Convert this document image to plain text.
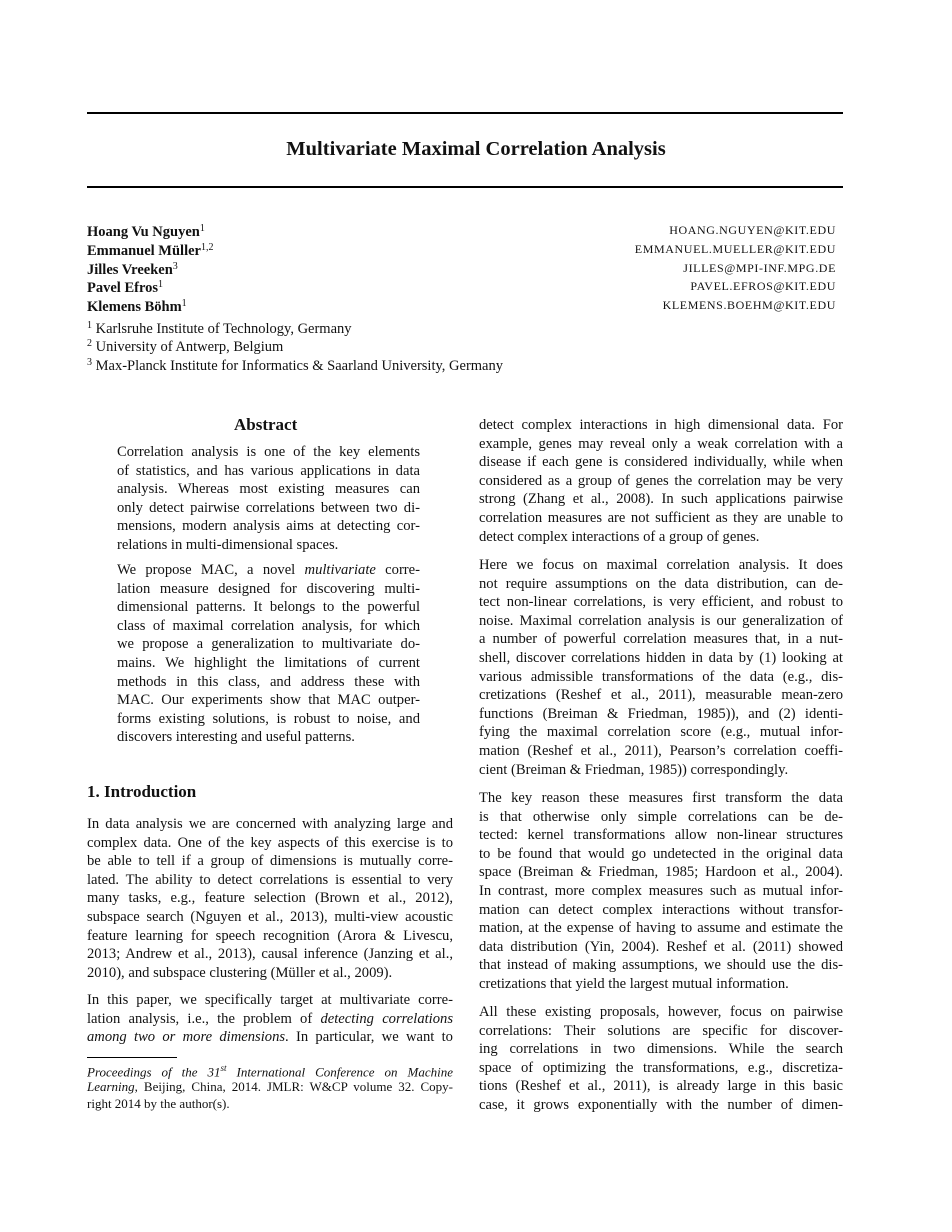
Multivariate Maximal Correlation Analysis
Hoang Vu Nguyen$^1$
Emmanuel Müller$^{1,2}$
Jilles Vreeken$^3$
Pavel Efros$^1$
Klemens Böhm$^1$
HOANG.NGUYEN@KIT.EDU
EMMANUEL.MUELLER@KIT.EDU
JILLES@MPI-INF.MPG.DE
PAVEL.EFROS@KIT.EDU
KLEMENS.BOEHM@KIT.EDU
$^1$ Karlsruhe Institute of Technology, Germany
$^2$ University of Antwerp, Belgium
$^3$ Max-Planck Institute for Informatics & Saarland University, Germany
Abstract
Correlation analysis is one of the key elements
of statistics, and has various applications in data
analysis. Whereas most existing measures can
only detect pairwise correlations between two di-
mensions, modern analysis aims at detecting cor-
relations in multi-dimensional spaces.
We propose MAC, a novel multivariate corre-
lation measure designed for discovering multi-
dimensional patterns. It belongs to the powerful
class of maximal correlation analysis, for which
we propose a generalization to multivariate do-
mains. We highlight the limitations of current
methods in this class, and address these with
MAC. Our experiments show that MAC outper-
forms existing solutions, is robust to noise, and
discovers interesting and useful patterns.
1. Introduction
In data analysis we are concerned with analyzing large and
complex data. One of the key aspects of this exercise is to
be able to tell if a group of dimensions is mutually corre-
lated. The ability to detect correlations is essential to very
many tasks, e.g., feature selection (Brown et al., 2012),
subspace search (Nguyen et al., 2013), multi-view acoustic
feature learning for speech recognition (Arora & Livescu,
2013; Andrew et al., 2013), causal inference (Janzing et al.,
2010), and subspace clustering (Müller et al., 2009).
In this paper, we specifically target at multivariate corre-
lation analysis, i.e., the problem of detecting correlations
among two or more dimensions. In particular, we want to
Proceedings of the 31st International Conference on Machine
Learning, Beijing, China, 2014. JMLR: W&CP volume 32. Copy-
right 2014 by the author(s).
detect complex interactions in high dimensional data. For
example, genes may reveal only a weak correlation with a
disease if each gene is considered individually, while when
considered as a group of genes the correlation may be very
strong (Zhang et al., 2008). In such applications pairwise
correlation measures are not sufficient as they are unable to
detect complex interactions of a group of genes.
Here we focus on maximal correlation analysis. It does
not require assumptions on the data distribution, can de-
tect non-linear correlations, is very efficient, and robust to
noise. Maximal correlation analysis is our generalization of
a number of powerful correlation measures that, in a nut-
shell, discover correlations hidden in data by (1) looking at
various admissible transformations of the data (e.g., dis-
cretizations (Reshef et al., 2011), measurable mean-zero
functions (Breiman & Friedman, 1985)), and (2) identi-
fying the maximal correlation score (e.g., mutual infor-
mation (Reshef et al., 2011), Pearson’s correlation coeffi-
cient (Breiman & Friedman, 1985)) correspondingly.
The key reason these measures first transform the data
is that otherwise only simple correlations can be de-
tected: kernel transformations allow non-linear structures
to be found that would go undetected in the original data
space (Breiman & Friedman, 1985; Hardoon et al., 2004).
In contrast, more complex measures such as mutual infor-
mation can detect complex interactions without transfor-
mation, at the expense of having to assume and estimate the
data distribution (Yin, 2004). Reshef et al. (2011) showed
that instead of making assumptions, we should use the dis-
cretizations that yield the largest mutual information.
All these existing proposals, however, focus on pairwise
correlations: Their solutions are specific for discover-
ing correlations in two dimensions. While the search
space of optimizing the transformations, e.g., discretiza-
tions (Reshef et al., 2011), is already large in this basic
case, it grows exponentially with the number of dimen-
